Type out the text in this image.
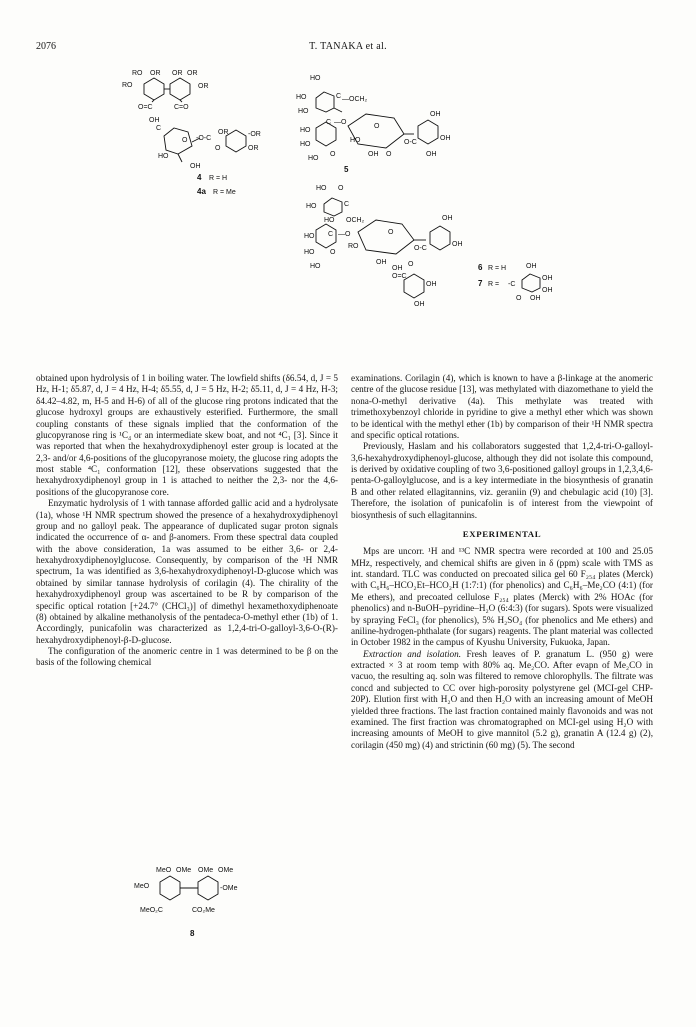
2076	T. TANAKA et al.
RO OR OR OR
RO	OR
O=C	C=O
OH
C
O -O-C
OR	-OR
OR
O
HO
OH
4 R = H
4a R = Me
HO
HO
HO
C —OCH₂
HO
C —O
HO
HO
O
HO
O
O-C
OH
OH
OH O	OH
5
HO O
HO	C
HO OCH₂
HO C —O
HO
HO
O
RO
O
O-C
OH
OH
OH
OH
O
O=C
OH
OH
6 R = H	OH
7 R = -C
OH
OH
O OH

obtained upon hydrolysis of 1 in boiling water. The lowfield shifts (δ6.54, d, J = 5 Hz, H-1; δ5.87, d, J = 4 Hz, H-4; δ5.55, d, J = 5 Hz, H-2; δ5.11, d, J = 4 Hz, H-3; δ4.42–4.82, m, H-5 and H-6) of all of the glucose ring protons indicated that the glucose hydroxyl groups are exhaustively esterified. Furthermore, the small coupling constants of these signals implied that the conformation of the glucopyranose ring is ¹C₄ or an intermediate skew boat, and not ⁴C₁ [3]. Since it was reported that when the hexahydroxydiphenoyl ester group is located at the 2,3- and/or 4,6-positions of the glucopyranose moiety, the glucose ring adopts the most stable ⁴C₁ conformation [12], these observations suggested that the hexahydroxydiphenoyl group in 1 is attached to neither the 2,3- nor the 4,6-positions of the glucopyranose core.

Enzymatic hydrolysis of 1 with tannase afforded gallic acid and a hydrolysate (1a), whose ¹H NMR spectrum showed the presence of a hexahydroxydiphenoyl group and no galloyl peak. The appearance of duplicated sugar proton signals indicated the occurrence of α- and β-anomers. From these spectral data coupled with the above consideration, 1a was assumed to be either 3,6- or 2,4-hexahydroxydiphenoylglucose. Consequently, by comparison of the ¹H NMR spectrum, 1a was identified as 3,6-hexahydroxydiphenoyl-D-glucose which was obtained by similar tannase hydrolysis of corilagin (4). The chirality of the hexahydroxydiphenoyl group was ascertained to be R by comparison of the specific optical rotation [+24.7° (CHCl₃)] of dimethyl hexamethoxydiphenoate (8) obtained by alkaline methanolysis of the pentadeca-O-methyl ether (1b) of 1. Accordingly, punicafolin was characterized as 1,2,4-tri-O-galloyl-3,6-O-(R)-hexahydroxydiphenoyl-β-D-glucose.

The configuration of the anomeric centre in 1 was determined to be β on the basis of the following chemical

MeO OMe OMe OMe
MeO	-OMe
MeO₂C	CO₂Me
8

examinations. Corilagin (4), which is known to have a β-linkage at the anomeric centre of the glucose residue [13], was methylated with diazomethane to yield the nona-O-methyl derivative (4a). This methylate was treated with trimethoxybenzoyl chloride in pyridine to give a methyl ether which was shown to be identical with the methyl ether (1b) by comparison of their ¹H NMR spectra and specific optical rotations.

Previously, Haslam and his collaborators suggested that 1,2,4-tri-O-galloyl-3,6-hexahydroxydiphenoyl-glucose, although they did not isolate this compound, is derived by oxidative coupling of two 3,6-positioned galloyl groups in 1,2,3,4,6-penta-O-galloylglucose, and is a key intermediate in the biosynthesis of granatin B and other related ellagitannins, viz. geraniin (9) and chebulagic acid (10) [3]. Therefore, the isolation of punicafolin is of interest from the viewpoint of biosynthesis of such ellagitannins.

EXPERIMENTAL

Mps are uncorr. ¹H and ¹³C NMR spectra were recorded at 100 and 25.05 MHz, respectively, and chemical shifts are given in δ (ppm) scale with TMS as int. standard. TLC was conducted on precoated silica gel 60 F₂₅₄ plates (Merck) with C₆H₆–HCO₂Et–HCO₂H (1:7:1) (for phenolics) and C₆H₆–Me₂CO (4:1) (for Me ethers), and precoated cellulose F₂₅₄ plates (Merck) with 2% HOAc (for phenolics) and n-BuOH–pyridine–H₂O (6:4:3) (for sugars). Spots were visualized by spraying FeCl₃ (for phenolics), 5% H₂SO₄ (for phenolics and Me ethers) and aniline-hydrogen-phthalate (for sugars) reagents. The plant material was collected in October 1982 in the campus of Kyushu University, Fukuoka, Japan.

Extraction and isolation. Fresh leaves of P. granatum L. (950 g) were extracted × 3 at room temp with 80% aq. Me₂CO. After evapn of Me₂CO in vacuo, the resulting aq. soln was filtered to remove chlorophylls. The filtrate was concd and subjected to CC over high-porosity polystyrene gel (MCI-gel CHP-20P). Elution first with H₂O and then H₂O with an increasing amount of MeOH yielded three fractions. The last fraction contained mainly flavonoids and was not examined. The first fraction was chromatographed on MCI-gel using H₂O with increasing amounts of MeOH to give mannitol (5.2 g), granatin A (12.4 g) (2), corilagin (450 mg) (4) and strictinin (60 mg) (5). The second
